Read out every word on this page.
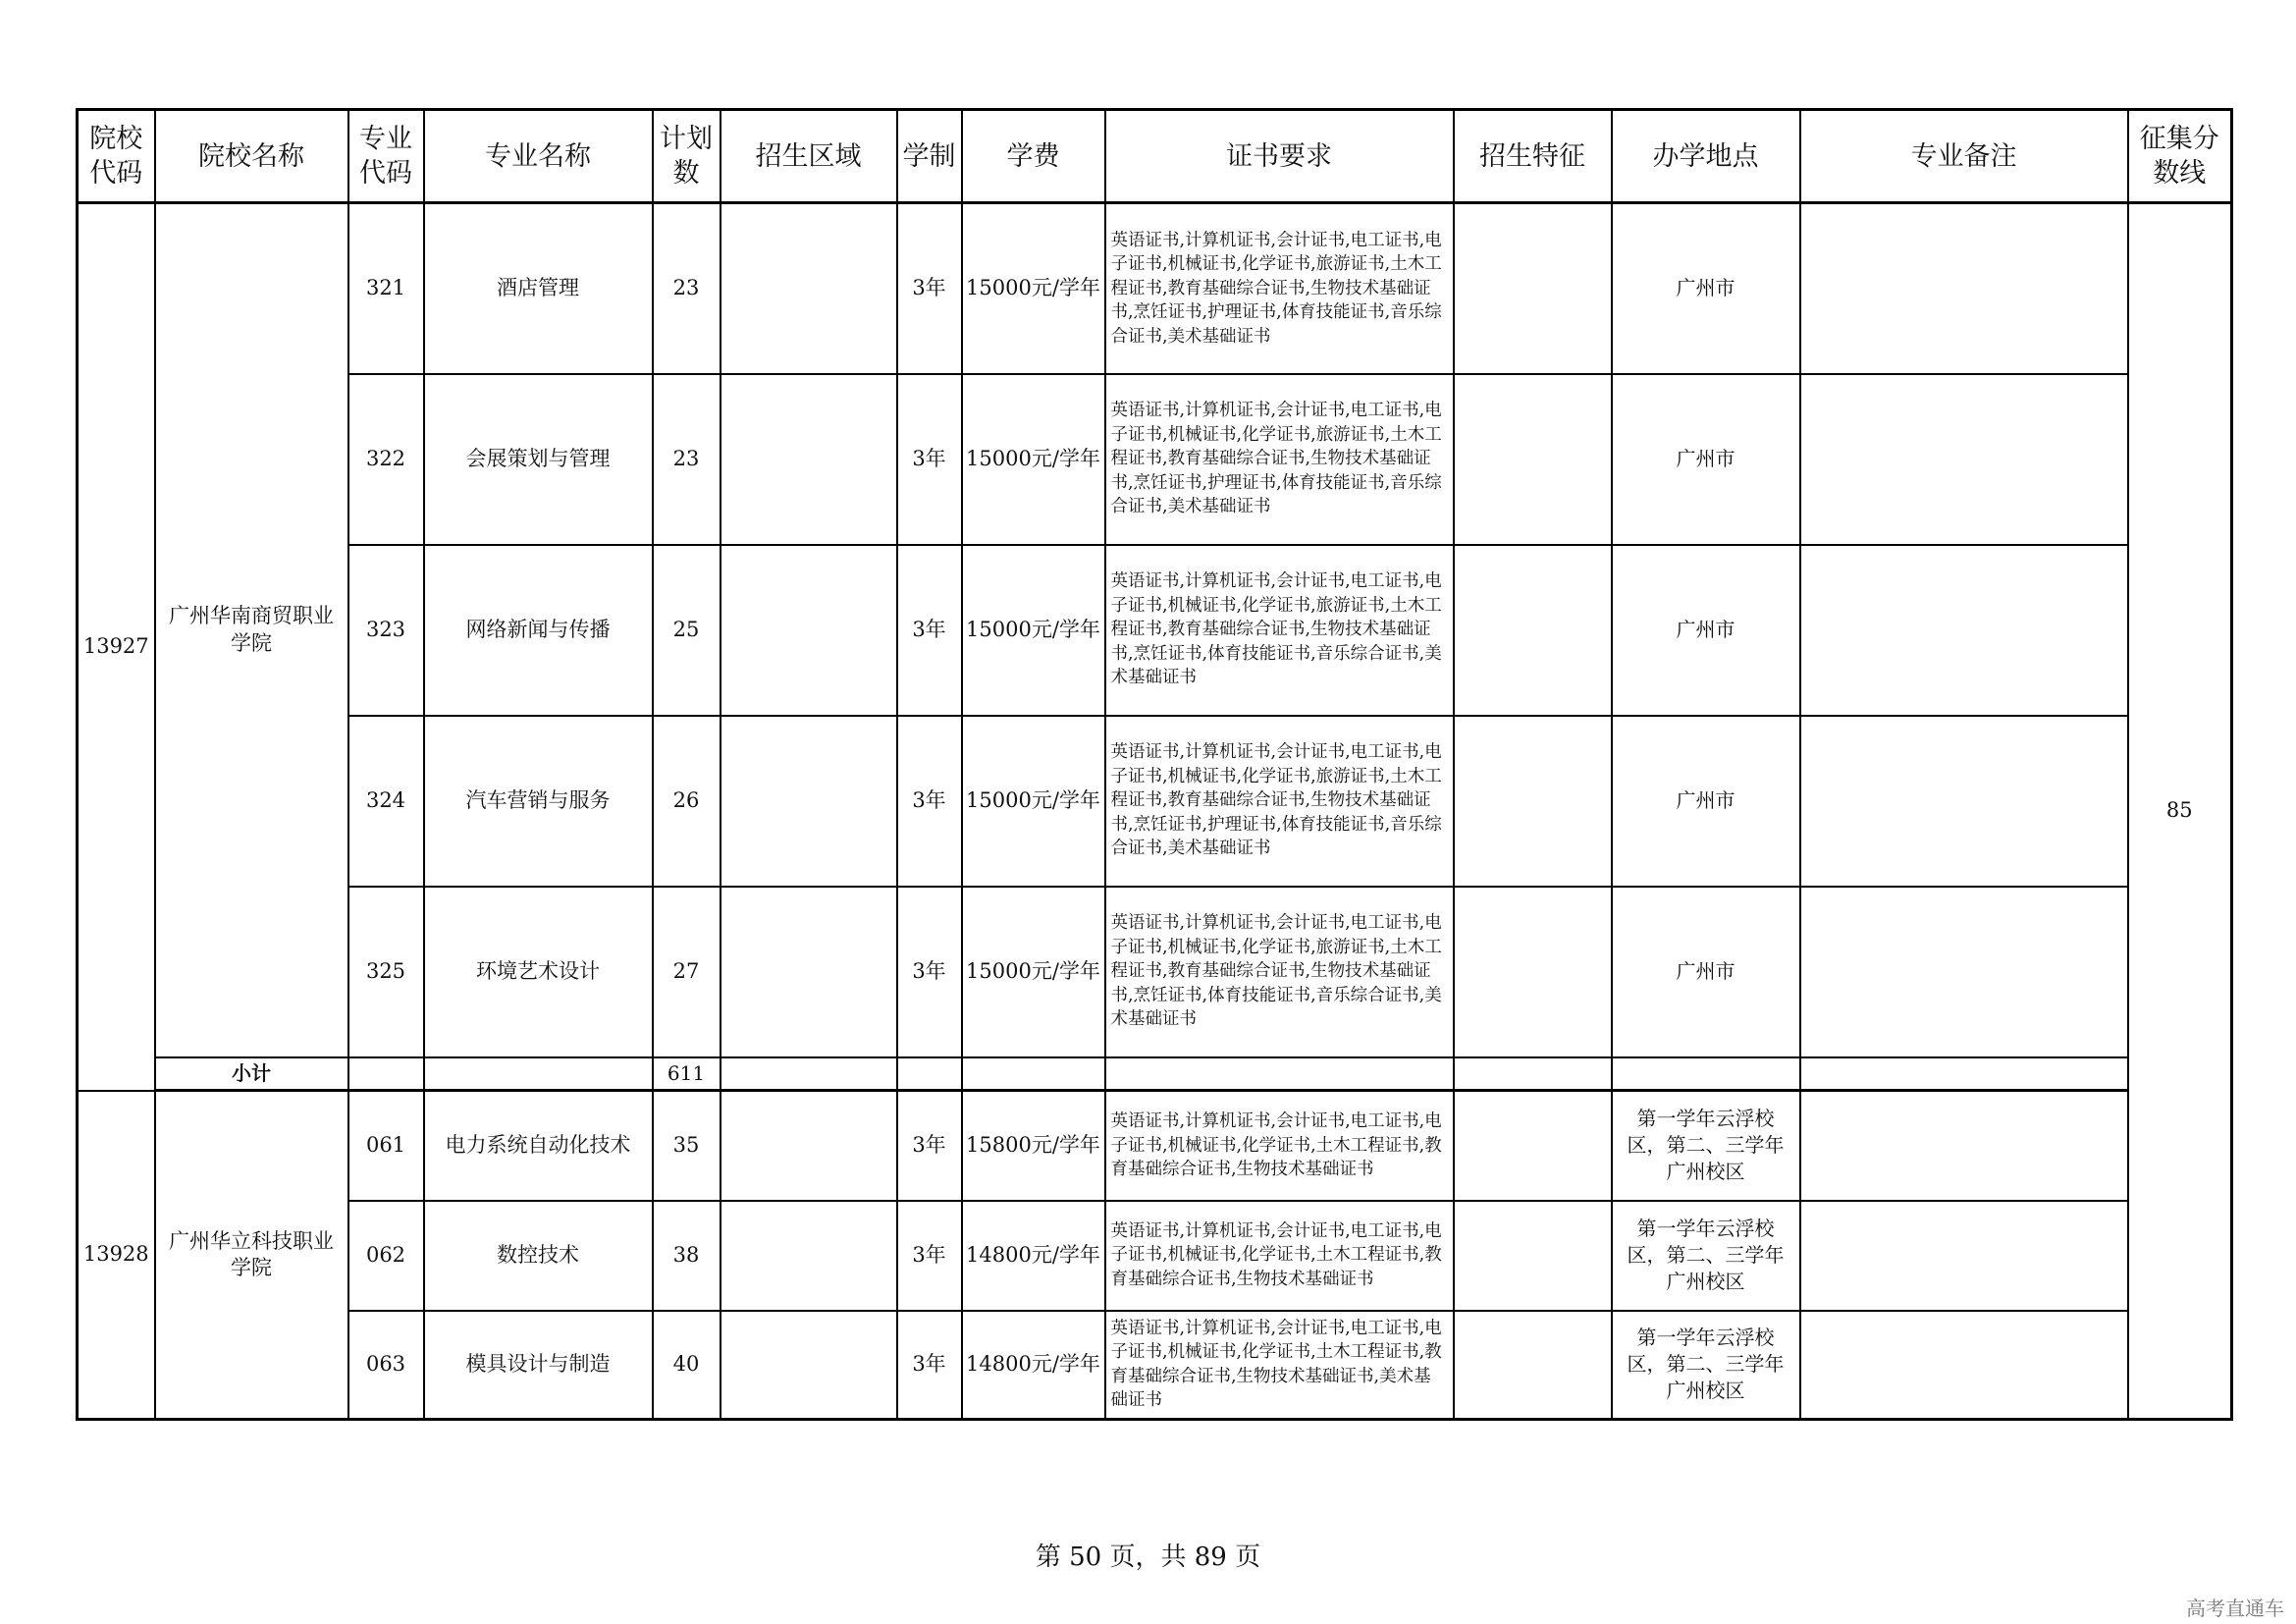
院校代码	院校名称	专业代码	专业名称	计划数	招生区域	学制	学费	证书要求	招生特征	办学地点	专业备注	征集分数线
13927	广州华南商贸职业学院	321	酒店管理	23		3年	15000元/学年	英语证书,计算机证书,会计证书,电工证书,电子证书,机械证书,化学证书,旅游证书,土木工程证书,教育基础综合证书,生物技术基础证书,烹饪证书,护理证书,体育技能证书,音乐综合证书,美术基础证书		广州市		85
		322	会展策划与管理	23		3年	15000元/学年	英语证书,计算机证书,会计证书,电工证书,电子证书,机械证书,化学证书,旅游证书,土木工程证书,教育基础综合证书,生物技术基础证书,烹饪证书,护理证书,体育技能证书,音乐综合证书,美术基础证书		广州市		
		323	网络新闻与传播	25		3年	15000元/学年	英语证书,计算机证书,会计证书,电工证书,电子证书,机械证书,化学证书,旅游证书,土木工程证书,教育基础综合证书,生物技术基础证书,烹饪证书,体育技能证书,音乐综合证书,美术基础证书		广州市		
		324	汽车营销与服务	26		3年	15000元/学年	英语证书,计算机证书,会计证书,电工证书,电子证书,机械证书,化学证书,旅游证书,土木工程证书,教育基础综合证书,生物技术基础证书,烹饪证书,护理证书,体育技能证书,音乐综合证书,美术基础证书		广州市		
		325	环境艺术设计	27		3年	15000元/学年	英语证书,计算机证书,会计证书,电工证书,电子证书,机械证书,化学证书,旅游证书,土木工程证书,教育基础综合证书,生物技术基础证书,烹饪证书,体育技能证书,音乐综合证书,美术基础证书		广州市		
	小计			611								
13928	广州华立科技职业学院	061	电力系统自动化技术	35		3年	15800元/学年	英语证书,计算机证书,会计证书,电工证书,电子证书,机械证书,化学证书,土木工程证书,教育基础综合证书,生物技术基础证书		第一学年云浮校区，第二、三学年广州校区		
		062	数控技术	38		3年	14800元/学年	英语证书,计算机证书,会计证书,电工证书,电子证书,机械证书,化学证书,土木工程证书,教育基础综合证书,生物技术基础证书		第一学年云浮校区，第二、三学年广州校区		
		063	模具设计与制造	40		3年	14800元/学年	英语证书,计算机证书,会计证书,电工证书,电子证书,机械证书,化学证书,土木工程证书,教育基础综合证书,生物技术基础证书,美术基础证书		第一学年云浮校区，第二、三学年广州校区		
第 50 页，共 89 页
高考直通车
